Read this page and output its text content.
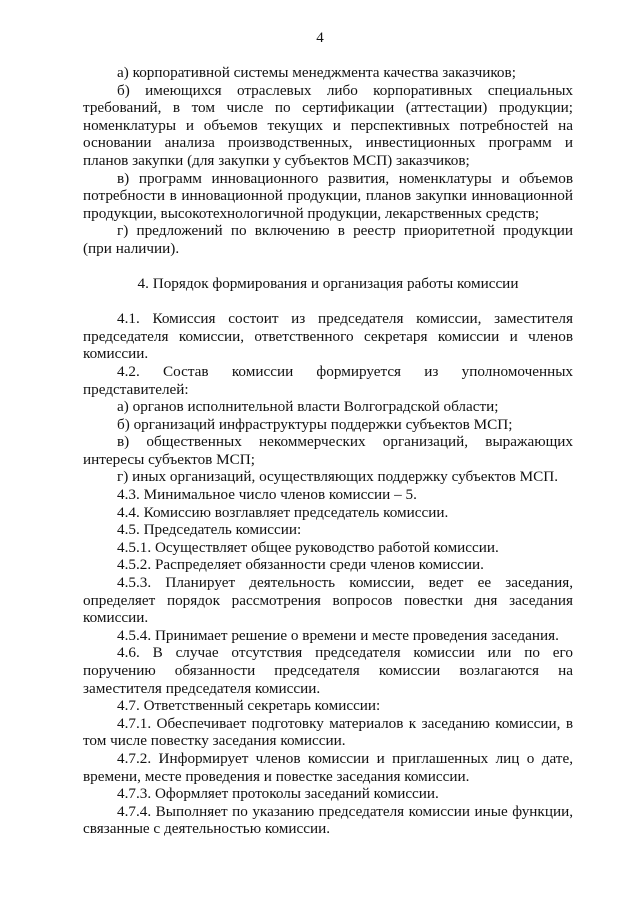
4

а) корпоративной системы менеджмента качества заказчиков;

б) имеющихся отраслевых либо корпоративных специальных требований, в том числе по сертификации (аттестации) продукции; номенклатуры и объемов текущих и перспективных потребностей на основании анализа производственных, инвестиционных программ и планов закупки (для закупки у субъектов МСП) заказчиков;

в) программ инновационного развития, номенклатуры и объемов потребности в инновационной продукции, планов закупки инновационной продукции, высокотехнологичной продукции, лекарственных средств;

г) предложений по включению в реестр приоритетной продукции (при наличии).

4. Порядок формирования и организация работы комиссии

4.1. Комиссия состоит из председателя комиссии, заместителя председателя комиссии, ответственного секретаря комиссии и членов комиссии.

4.2. Состав комиссии формируется из уполномоченных представителей:

а) органов исполнительной власти Волгоградской области;

б) организаций инфраструктуры поддержки субъектов МСП;

в) общественных некоммерческих организаций, выражающих интересы субъектов МСП;

г) иных организаций, осуществляющих поддержку субъектов МСП.

4.3. Минимальное число членов комиссии – 5.

4.4. Комиссию возглавляет председатель комиссии.

4.5. Председатель комиссии:

4.5.1. Осуществляет общее руководство работой комиссии.

4.5.2. Распределяет обязанности среди членов комиссии.

4.5.3. Планирует деятельность комиссии, ведет ее заседания, определяет порядок рассмотрения вопросов повестки дня заседания комиссии.

4.5.4. Принимает решение о времени и месте проведения заседания.

4.6. В случае отсутствия председателя комиссии или по его поручению обязанности председателя комиссии возлагаются на заместителя председателя комиссии.

4.7. Ответственный секретарь комиссии:

4.7.1. Обеспечивает подготовку материалов к заседанию комиссии, в том числе повестку заседания комиссии.

4.7.2. Информирует членов комиссии и приглашенных лиц о дате, времени, месте проведения и повестке заседания комиссии.

4.7.3. Оформляет протоколы заседаний комиссии.

4.7.4. Выполняет по указанию председателя комиссии иные функции, связанные с деятельностью комиссии.
